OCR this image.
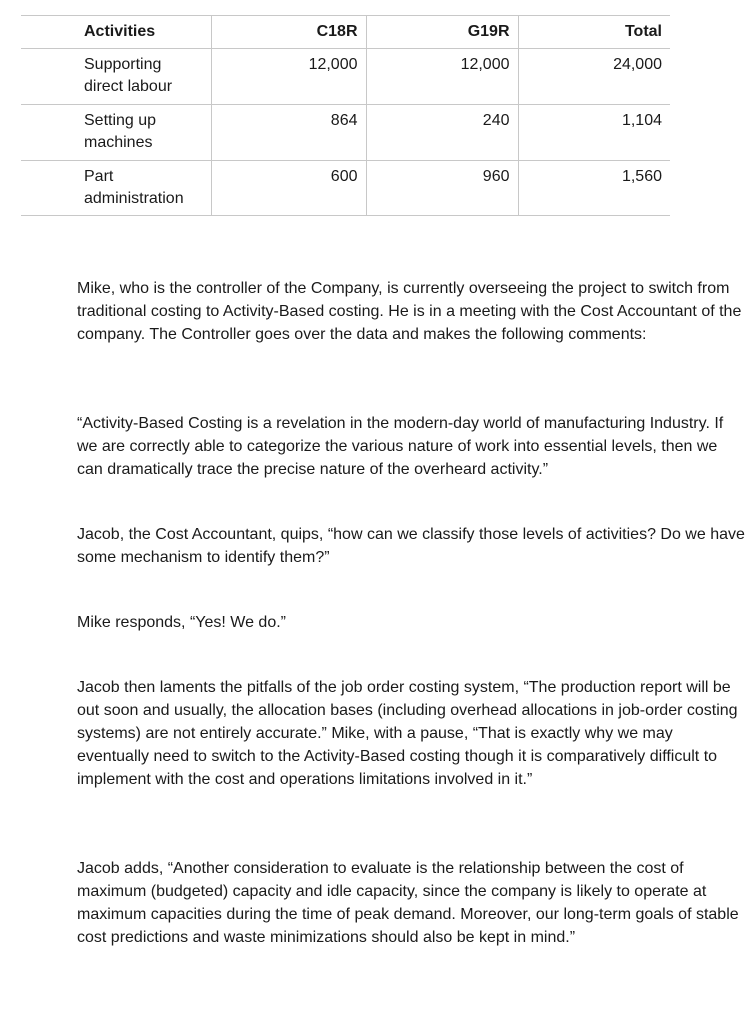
Activities	C18R	G19R	Total
Supporting direct labour	12,000	12,000	24,000
Setting up machines	864	240	1,104
Part administration	600	960	1,560

Mike, who is the controller of the Company, is currently overseeing the project to switch from traditional costing to Activity-Based costing. He is in a meeting with the Cost Accountant of the company. The Controller goes over the data and makes the following comments:

“Activity-Based Costing is a revelation in the modern-day world of manufacturing Industry. If we are correctly able to categorize the various nature of work into essential levels, then we can dramatically trace the precise nature of the overheard activity.”

Jacob, the Cost Accountant, quips, “how can we classify those levels of activities? Do we have some mechanism to identify them?”

Mike responds, “Yes! We do.”

Jacob then laments the pitfalls of the job order costing system, “The production report will be out soon and usually, the allocation bases (including overhead allocations in job-order costing systems) are not entirely accurate.” Mike, with a pause, “That is exactly why we may eventually need to switch to the Activity-Based costing though it is comparatively difficult to implement with the cost and operations limitations involved in it.”

Jacob adds, “Another consideration to evaluate is the relationship between the cost of maximum (budgeted) capacity and idle capacity, since the company is likely to operate at maximum capacities during the time of peak demand. Moreover, our long-term goals of stable cost predictions and waste minimizations should also be kept in mind.”
